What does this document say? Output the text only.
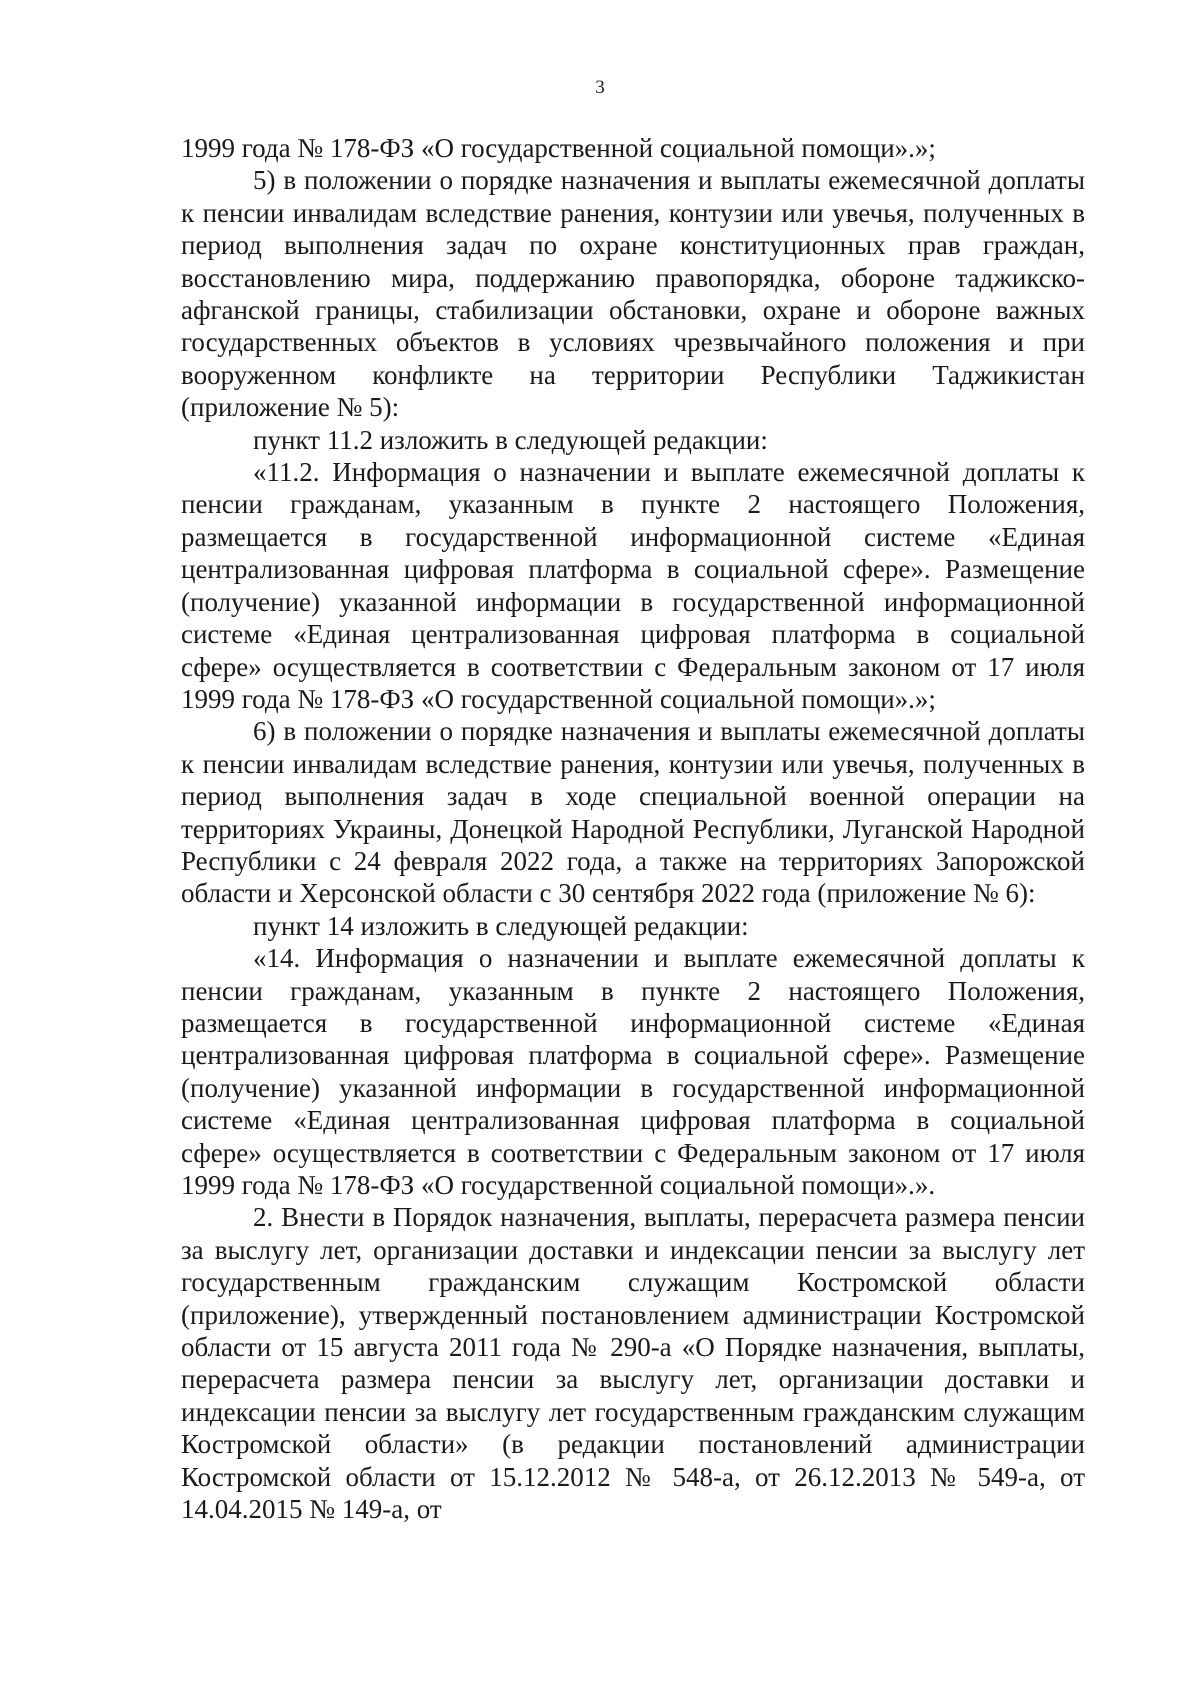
3

1999 года № 178-ФЗ «О государственной социальной помощи».»;

5) в положении о порядке назначения и выплаты ежемесячной доплаты к пенсии инвалидам вследствие ранения, контузии или увечья, полученных в период выполнения задач по охране конституционных прав граждан, восстановлению мира, поддержанию правопорядка, обороне таджикско-афганской границы, стабилизации обстановки, охране и обороне важных государственных объектов в условиях чрезвычайного положения и при вооруженном конфликте на территории Республики Таджикистан (приложение № 5):

пункт 11.2 изложить в следующей редакции:

«11.2. Информация о назначении и выплате ежемесячной доплаты к пенсии гражданам, указанным в пункте 2 настоящего Положения, размещается в государственной информационной системе «Единая централизованная цифровая платформа в социальной сфере». Размещение (получение) указанной информации в государственной информационной системе «Единая централизованная цифровая платформа в социальной сфере» осуществляется в соответствии с Федеральным законом от 17 июля 1999 года № 178-ФЗ «О государственной социальной помощи».»;

6) в положении о порядке назначения и выплаты ежемесячной доплаты к пенсии инвалидам вследствие ранения, контузии или увечья, полученных в период выполнения задач в ходе специальной военной операции на территориях Украины, Донецкой Народной Республики, Луганской Народной Республики с 24 февраля 2022 года, а также на территориях Запорожской области и Херсонской области с 30 сентября 2022 года (приложение № 6):

пункт 14 изложить в следующей редакции:

«14. Информация о назначении и выплате ежемесячной доплаты к пенсии гражданам, указанным в пункте 2 настоящего Положения, размещается в государственной информационной системе «Единая централизованная цифровая платформа в социальной сфере». Размещение (получение) указанной информации в государственной информационной системе «Единая централизованная цифровая платформа в социальной сфере» осуществляется в соответствии с Федеральным законом от 17 июля 1999 года № 178-ФЗ «О государственной социальной помощи».».

2. Внести в Порядок назначения, выплаты, перерасчета размера пенсии за выслугу лет, организации доставки и индексации пенсии за выслугу лет государственным гражданским служащим Костромской области (приложение), утвержденный постановлением администрации Костромской области от 15 августа 2011 года № 290-а «О Порядке назначения, выплаты, перерасчета размера пенсии за выслугу лет, организации доставки и индексации пенсии за выслугу лет государственным гражданским служащим Костромской области» (в редакции постановлений администрации Костромской области от 15.12.2012 № 548-а, от 26.12.2013 № 549-а, от 14.04.2015 № 149-а, от
